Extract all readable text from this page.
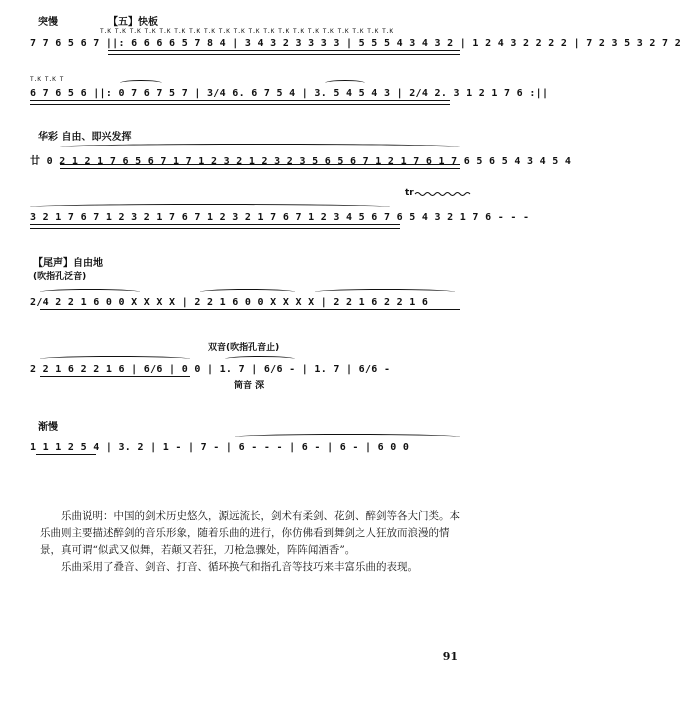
突慢	【五】快板
T.K T.K T.K T.K T.K T.K T.K T.K T.K T.K T.K T.K T.K T.K T.K T.K T.K T.K T.K T.K
7 7 6 5 6 7 ||: 6 6 6 6 5 7 8 4 | 3 4 3 2 3 3 3 3 | 5 5 5 4 3 4 3 2 | 1 2 4 3 2 2 2 2 | 7 2 3 5 3 2 7 2
T.K T.K T
6 7 6 5 6 ||: 0 7 6 7 5 7 | 3/4 6. 6 7 5 4 | 3. 5 4 5 4 3 | 2/4 2. 3 1 2 1 7 6 :||
华彩 自由、即兴发挥
廿 0 2 1 2 1 7 6 5 6 7 1 7 1 2 3 2 1 2 3 2 3 5 6 5 6 7 1 2 1 7 6 1 7 6 5 6 5 4 3 4 5 4
3 2 1 7 6 7 1 2 3 2 1 7 6 7 1 2 3 2 1 7 6 7 1 2 3 4 5 6 7 6 5 4 3 2 1 7 6 - - -
tr
【尾声】自由地
(吹指孔泛音)
2/4 2 2 1 6 0 0 X X X X | 2 2 1 6 0 0 X X X X | 2 2 1 6 2 2 1 6
双音(吹指孔音止)
2 2 1 6 2 2 1 6 | 6/6 | 0 0 | 1. 7 | 6/6 - | 1. 7 | 6/6 -
筒音 深
渐慢
1 1 1 2 5 4 | 3. 2 | 1 - | 7 - | 6 - - - | 6 - | 6 - | 6 0 0

乐曲说明：中国的剑术历史悠久，源远流长，剑术有柔剑、花剑、醉剑等各大门类。本乐曲则主要描述醉剑的音乐形象，随着乐曲的进行，你仿佛看到舞剑之人狂放而浪漫的情景，真可谓“似武又似舞，若颠又若狂，刀枪急骤处，阵阵闻酒香”。

乐曲采用了叠音、剑音、打音、循环换气和指孔音等技巧来丰富乐曲的表现。

91
